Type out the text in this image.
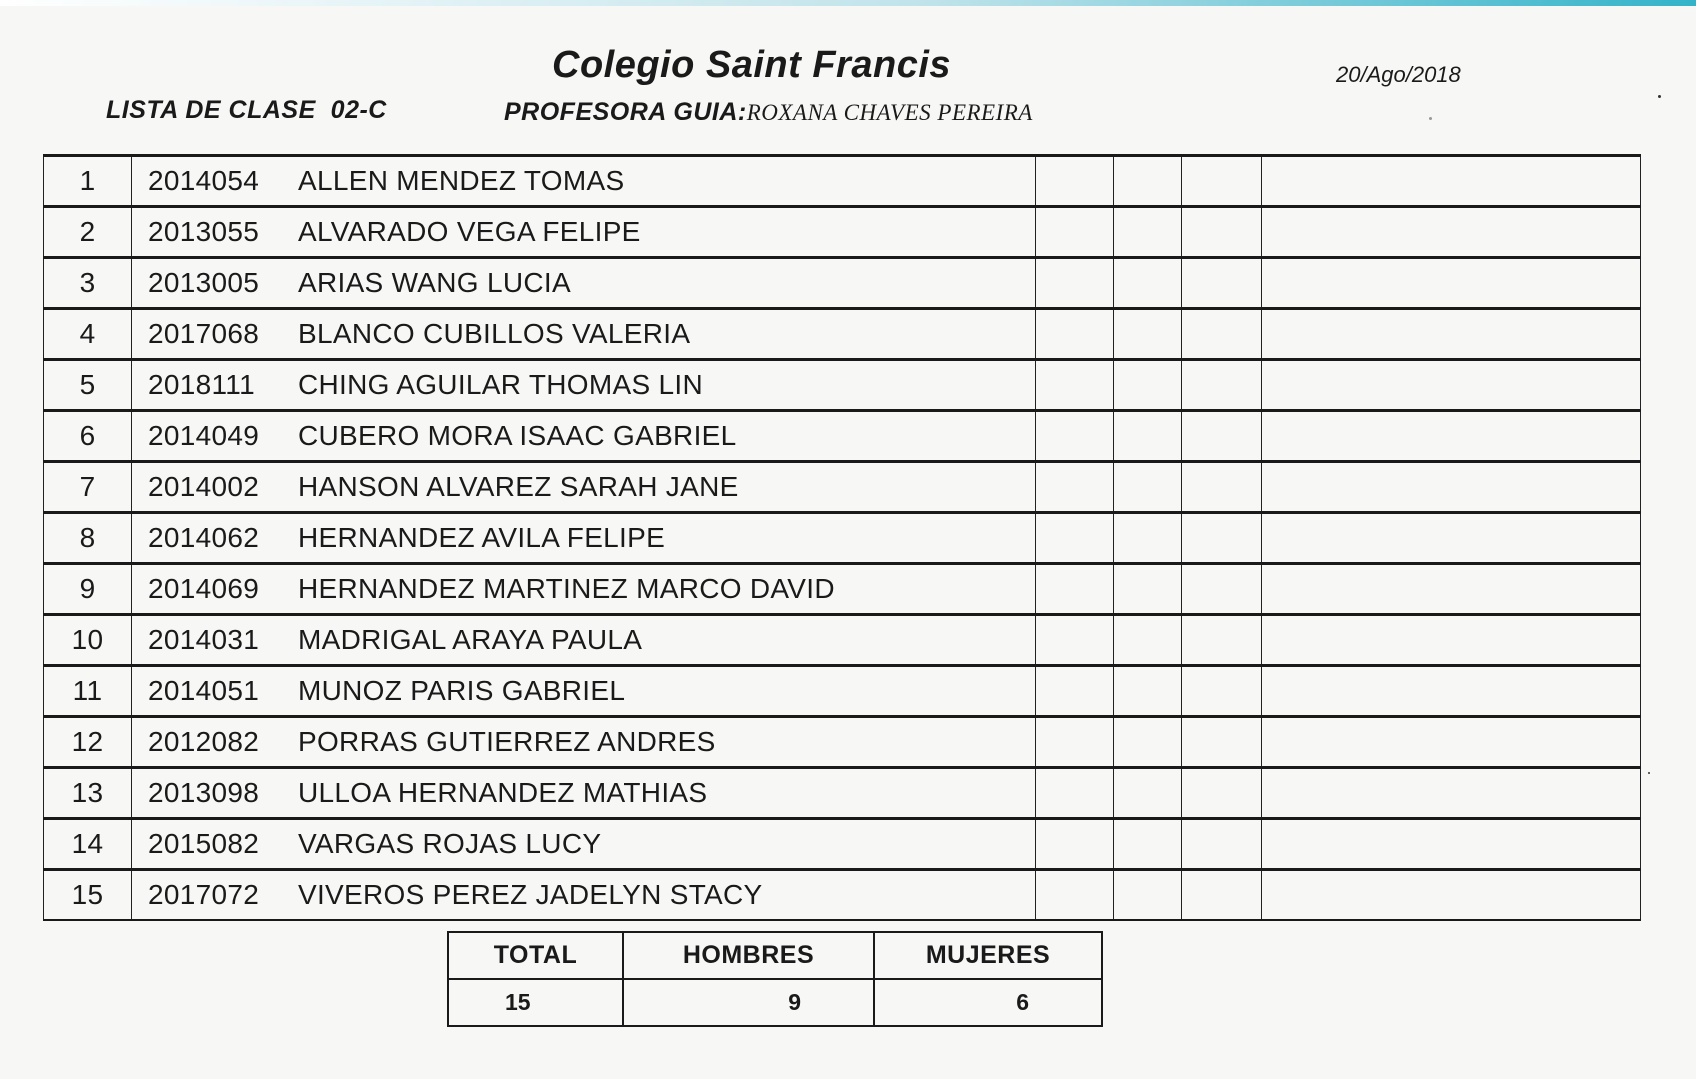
Colegio Saint Francis	20/Ago/2018
LISTA DE CLASE  02-C	PROFESORA GUIA:ROXANA CHAVES PEREIRA
1	2014054 ALLEN MENDEZ TOMAS				
2	2013055 ALVARADO VEGA FELIPE				
3	2013005 ARIAS WANG LUCIA				
4	2017068 BLANCO CUBILLOS VALERIA				
5	2018111 CHING AGUILAR THOMAS LIN				
6	2014049 CUBERO MORA ISAAC GABRIEL				
7	2014002 HANSON ALVAREZ SARAH JANE				
8	2014062 HERNANDEZ AVILA FELIPE				
9	2014069 HERNANDEZ MARTINEZ MARCO DAVID				
10	2014031 MADRIGAL ARAYA PAULA				
11	2014051 MUNOZ PARIS GABRIEL				
12	2012082 PORRAS GUTIERREZ ANDRES				
13	2013098 ULLOA HERNANDEZ MATHIAS				
14	2015082 VARGAS ROJAS LUCY				
15	2017072 VIVEROS PEREZ JADELYN STACY				
TOTAL	HOMBRES	MUJERES
15	9	6
